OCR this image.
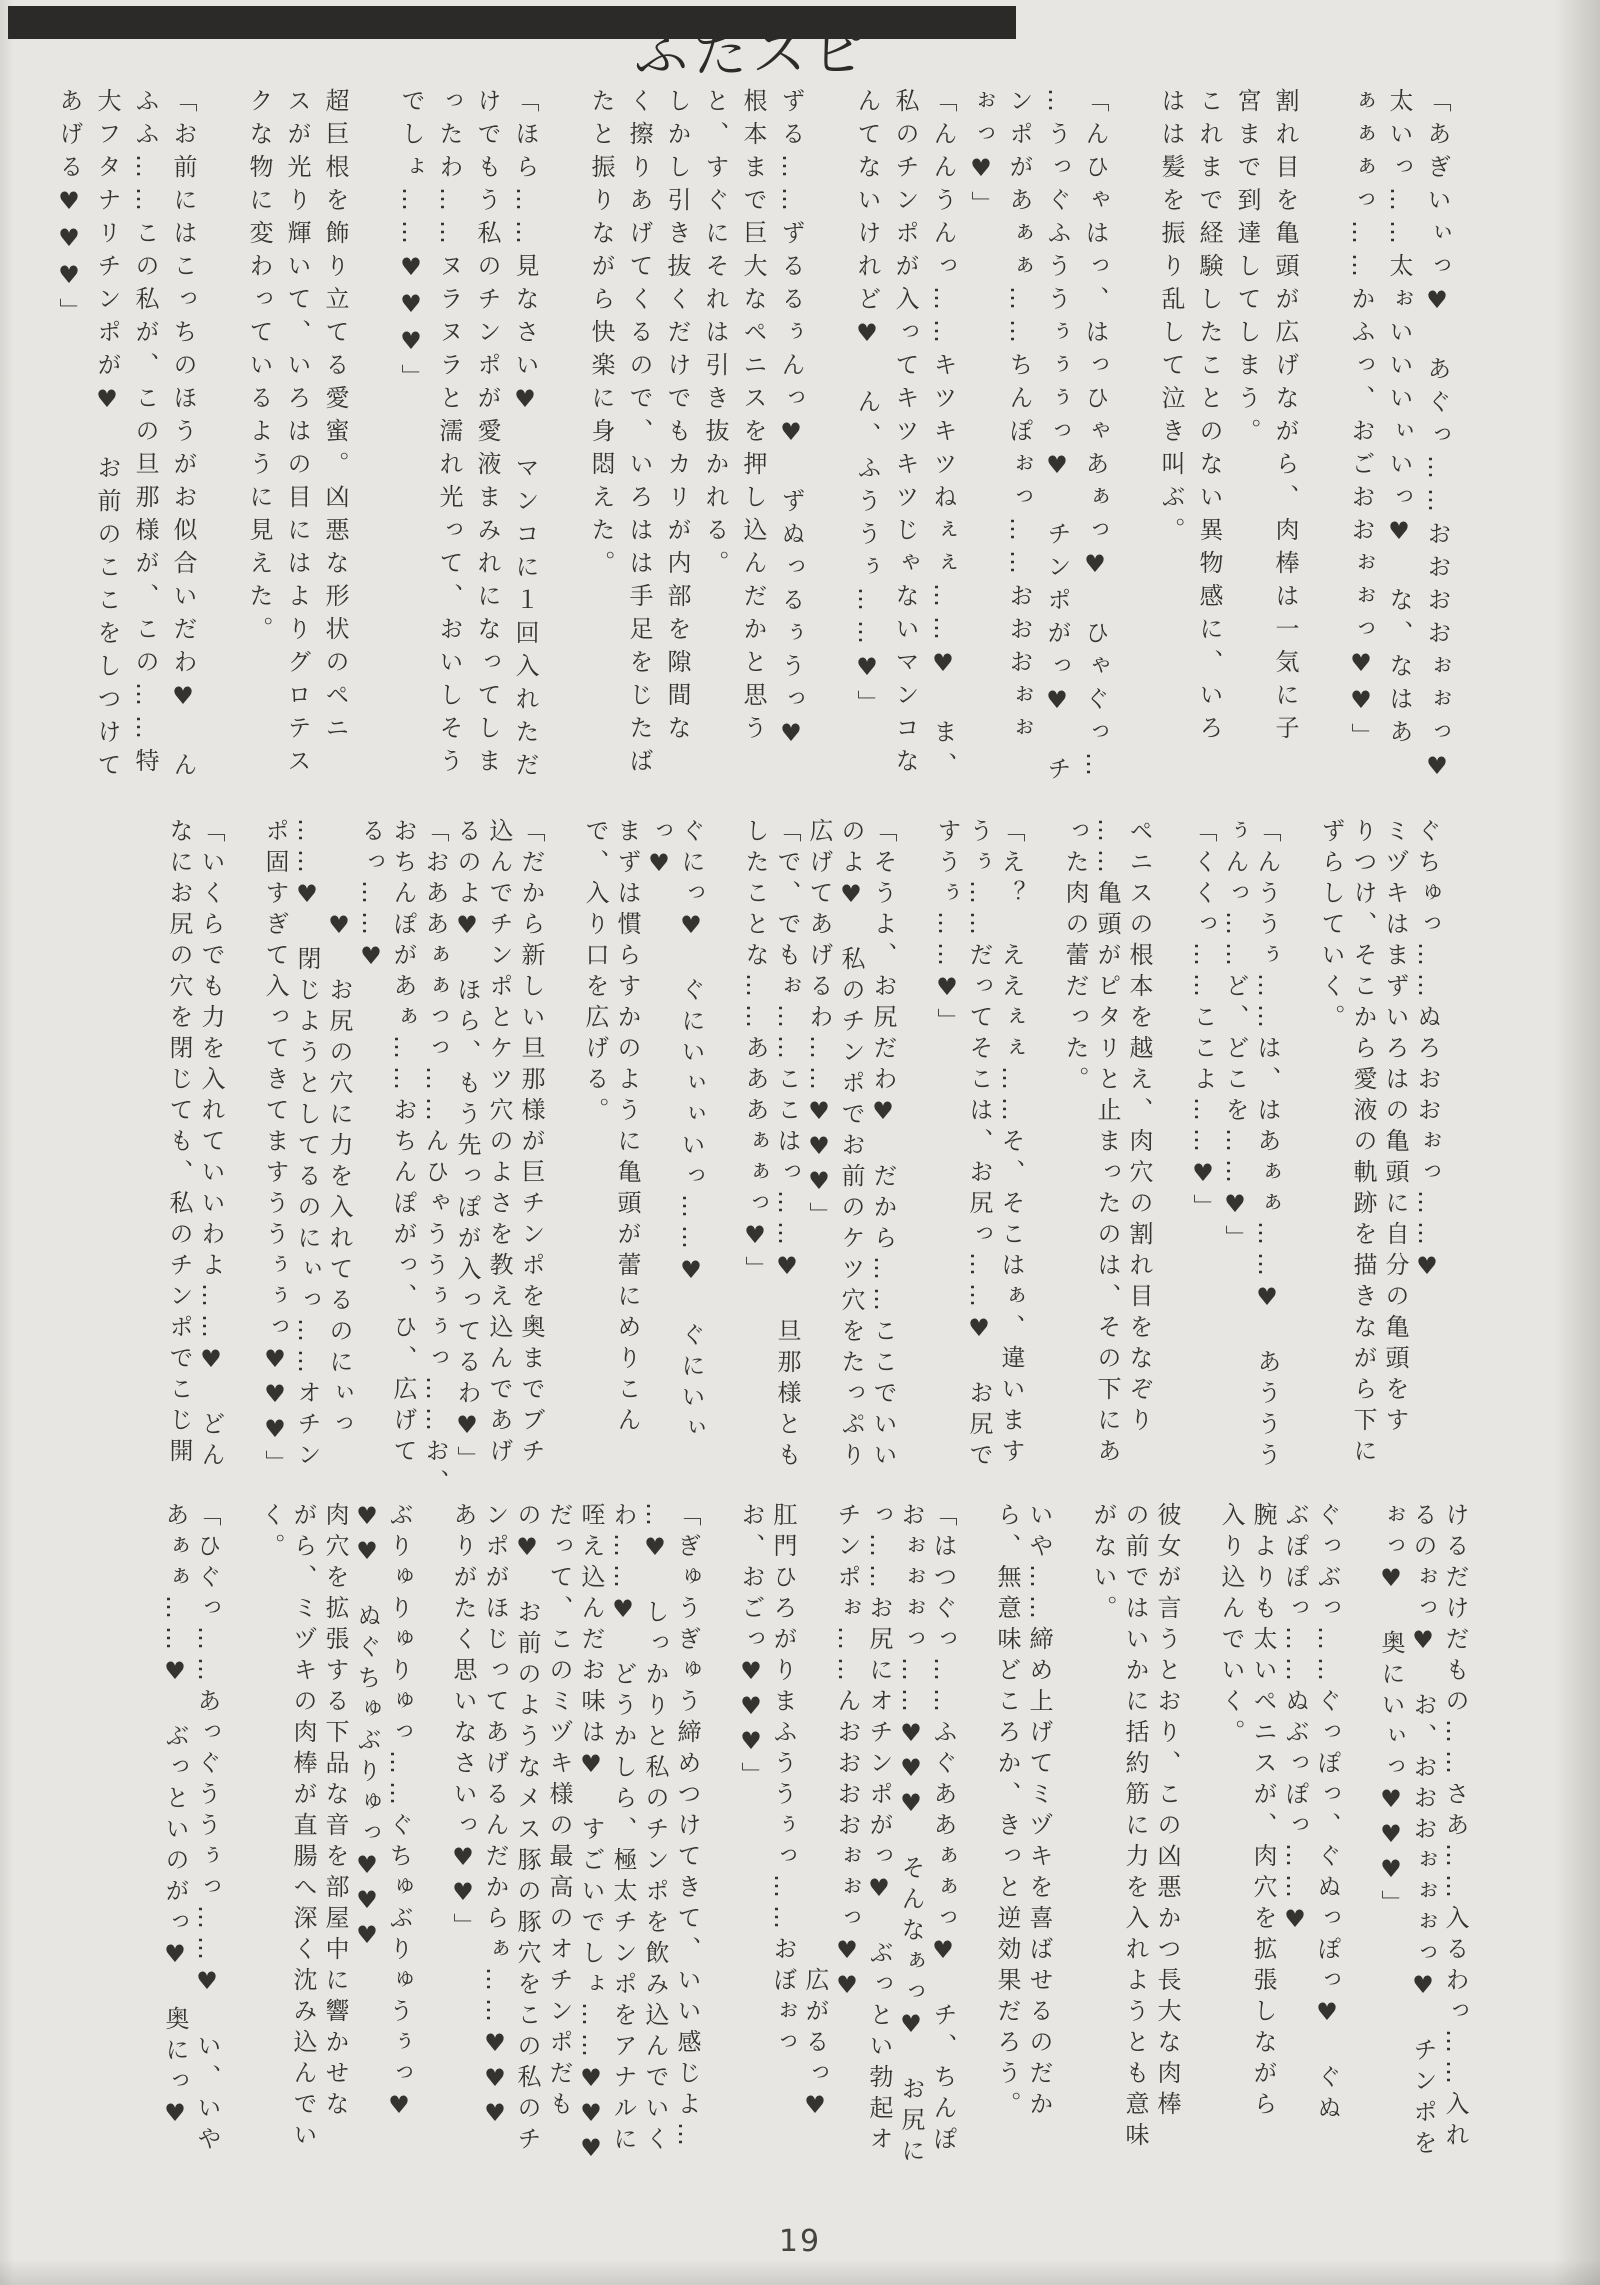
ふたスピ
「あぎいぃっ♥　あぐっ……おおおおぉぉっ♥
太いっ……太ぉいいいぃいっ♥　な、なはあ
ぁぁぁっ……かふっ、おごおおぉぉっ♥♥」
割れ目を亀頭が広げながら、肉棒は一気に子
宮まで到達してしまう。
これまで経験したことのない異物感に、いろ
はは髪を振り乱して泣き叫ぶ。
「んひゃはっ、はっひゃあぁっ♥　ひゃぐっ…
…うっぐふううぅぅぅっ♥　チンポがっ♥　チ
ンポがあぁぁ……ちんぽぉっ……おおおぉぉ
ぉっ♥」
「んんうんっ……キツキツねぇぇ……♥　ま、
私のチンポが入ってキツキツじゃないマンコな
んてないけれど♥　ん、ふううぅ……♥」
ずる……ずるるぅんっ♥　ずぬっるぅうっ♥
根本まで巨大なペニスを押し込んだかと思う
と、すぐにそれは引き抜かれる。
しかし引き抜くだけでもカリが内部を隙間な
く擦りあげてくるので、いろはは手足をじたば
たと振りながら快楽に身悶えた。
「ほら……見なさい♥　マンコに１回入れただ
けでもう私のチンポが愛液まみれになってしま
ったわ……ヌラヌラと濡れ光って、おいしそう
でしょ……♥♥♥」
超巨根を飾り立てる愛蜜。凶悪な形状のペニ
スが光り輝いて、いろはの目にはよりグロテス
クな物に変わっているように見えた。
「お前にはこっちのほうがお似合いだわ♥　ん
ふふ……この私が、この旦那様が、この……特
大フタナリチンポが♥　お前のここをしつけて
あげる♥♥♥」
ぐちゅっ……ぬろおおぉっ……♥
ミヅキはまずいろはの亀頭に自分の亀頭をす
りつけ、そこから愛液の軌跡を描きながら下に
ずらしていく。
「んううぅ……は、はあぁぁ……♥　あううう
ぅんっ……ど、どこを……♥」
「くくっ……ここよ……♥」
ペニスの根本を越え、肉穴の割れ目をなぞり
……亀頭がピタリと止まったのは、その下にあ
った肉の蕾だった。
「え？　ええぇぇ……そ、そこはぁ、違います
うぅ……だってそこは、お尻っ……♥　お尻で
すうぅ……♥」
「そうよ、お尻だわ♥　だから……ここでいい
のよ♥　私のチンポでお前のケツ穴をたっぷり
広げてあげるわ……♥♥♥」
「で、でもぉ……ここはっ……♥　旦那様とも
したことな……あああぁぁっ♥」
ぐにっ♥　ぐにいぃぃいっ……♥　ぐにいぃ
っ♥
まずは慣らすかのように亀頭が蕾にめりこん
で、入り口を広げる。
「だから新しい旦那様が巨チンポを奥までブチ
込んでチンポとケツ穴のよさを教え込んであげ
るのよ♥　ほら、もう先っぽが入ってるわ♥」
「おああぁぁっっ……んひゃううぅぅっ……お、
おちんぽがあぁ……おちんぽがっ、ひ、広げて
るっ……♥
♥　お尻の穴に力を入れてるのにぃっ
……♥　閉じようとしてるのにぃっ……オチン
ポ固すぎて入ってきてますううぅぅっ♥♥♥」
「いくらでも力を入れていいわよ……♥　どん
なにお尻の穴を閉じても、私のチンポでこじ開
けるだけだもの……さあ……入るわっ……入れ
るのぉっ♥　お、おおおぉぉぉっ♥　チンポを
ぉっ♥　奥にいぃっ♥♥♥」
ぐっぶっ……ぐっぽっ、ぐぬっぽっ♥　ぐぬ
ぶぽぽっ……ぬぶっぽっ……♥
腕よりも太いペニスが、肉穴を拡張しながら
入り込んでいく。
彼女が言うとおり、この凶悪かつ長大な肉棒
の前ではいかに括約筋に力を入れようとも意味
がない。
いや……締め上げてミヅキを喜ばせるのだか
ら、無意味どころか、きっと逆効果だろう。
「はつぐっ……ふぐああぁぁっ♥　チ、ちんぽ
おぉぉぉっ……♥♥♥　そんなぁっ♥　お尻に
っ……お尻にオチンポがっ♥　ぶっとい勃起オ
チンポぉ……んおおおおぉぉっ♥♥
広がるっ♥
肛門ひろがりまふううぅっ……おぼぉっ
お、おごっ♥♥♥」
「ぎゅうぎゅう締めつけてきて、いい感じよ…
…♥　しっかりと私のチンポを飲み込んでいく
わ……♥　どうかしら、極太チンポをアナルに
咥え込んだお味は♥　すごいでしょ……♥♥♥
だって、このミヅキ様の最高のオチンポだも
の♥　お前のようなメス豚の豚穴をこの私のチ
ンポがほじってあげるんだからぁ……♥♥♥
ありがたく思いなさいっ♥♥」
ぶりゅりゅりゅっ……ぐちゅぶりゅうぅっ♥
♥♥　ぬぐちゅぶりゅっ♥♥♥
肉穴を拡張する下品な音を部屋中に響かせな
がら、ミヅキの肉棒が直腸へ深く沈み込んでい
く。
「ひぐっ……あっぐううぅっ……♥　い、いや
あぁぁ……♥　ぶっといのがっ♥　奥にっ♥
19
